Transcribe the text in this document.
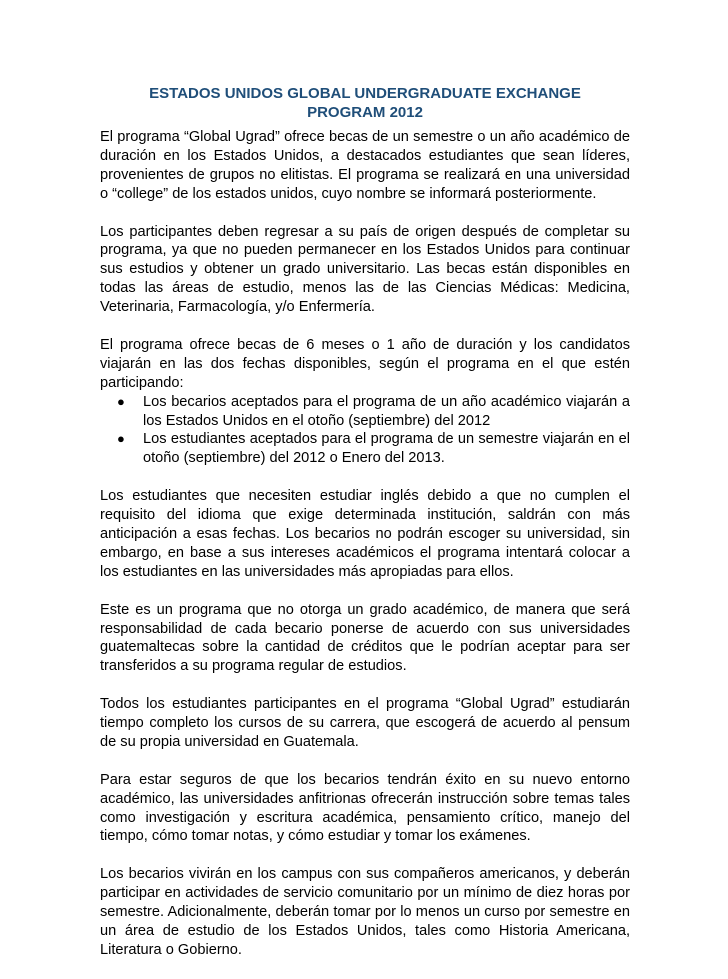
ESTADOS UNIDOS GLOBAL UNDERGRADUATE EXCHANGE
PROGRAM 2012

El programa “Global Ugrad” ofrece becas de un semestre o un año académico de duración en los Estados Unidos, a destacados estudiantes que sean líderes, provenientes de grupos no elitistas. El programa se realizará en una universidad o “college” de los estados unidos, cuyo nombre se informará posteriormente.

Los participantes deben regresar a su país de origen después de completar su programa, ya que no pueden permanecer en los Estados Unidos para continuar sus estudios y obtener un grado universitario. Las becas están disponibles en todas las áreas de estudio, menos las de las Ciencias Médicas: Medicina, Veterinaria, Farmacología, y/o Enfermería.

El programa ofrece becas de 6 meses o 1 año de duración y los candidatos viajarán en las dos fechas disponibles, según el programa en el que estén participando:

● Los becarios aceptados para el programa de un año académico viajarán a los Estados Unidos en el otoño (septiembre) del 2012
● Los estudiantes aceptados para el programa de un semestre viajarán en el otoño (septiembre) del 2012 o Enero del 2013.

Los estudiantes que necesiten estudiar inglés debido a que no cumplen el requisito del idioma que exige determinada institución, saldrán con más anticipación a esas fechas. Los becarios no podrán escoger su universidad, sin embargo, en base a sus intereses académicos el programa intentará colocar a los estudiantes en las universidades más apropiadas para ellos.

Este es un programa que no otorga un grado académico, de manera que será responsabilidad de cada becario ponerse de acuerdo con sus universidades guatemaltecas sobre la cantidad de créditos que le podrían aceptar para ser transferidos a su programa regular de estudios.

Todos los estudiantes participantes en el programa “Global Ugrad” estudiarán tiempo completo los cursos de su carrera, que escogerá de acuerdo al pensum de su propia universidad en Guatemala.

Para estar seguros de que los becarios tendrán éxito en su nuevo entorno académico, las universidades anfitrionas ofrecerán instrucción sobre temas tales como investigación y escritura académica, pensamiento crítico, manejo del tiempo, cómo tomar notas, y cómo estudiar y tomar los exámenes.

Los becarios vivirán en los campus con sus compañeros americanos, y deberán participar en actividades de servicio comunitario por un mínimo de diez horas por semestre. Adicionalmente, deberán tomar por lo menos un curso por semestre en un área de estudio de los Estados Unidos, tales como Historia Americana, Literatura o Gobierno.
